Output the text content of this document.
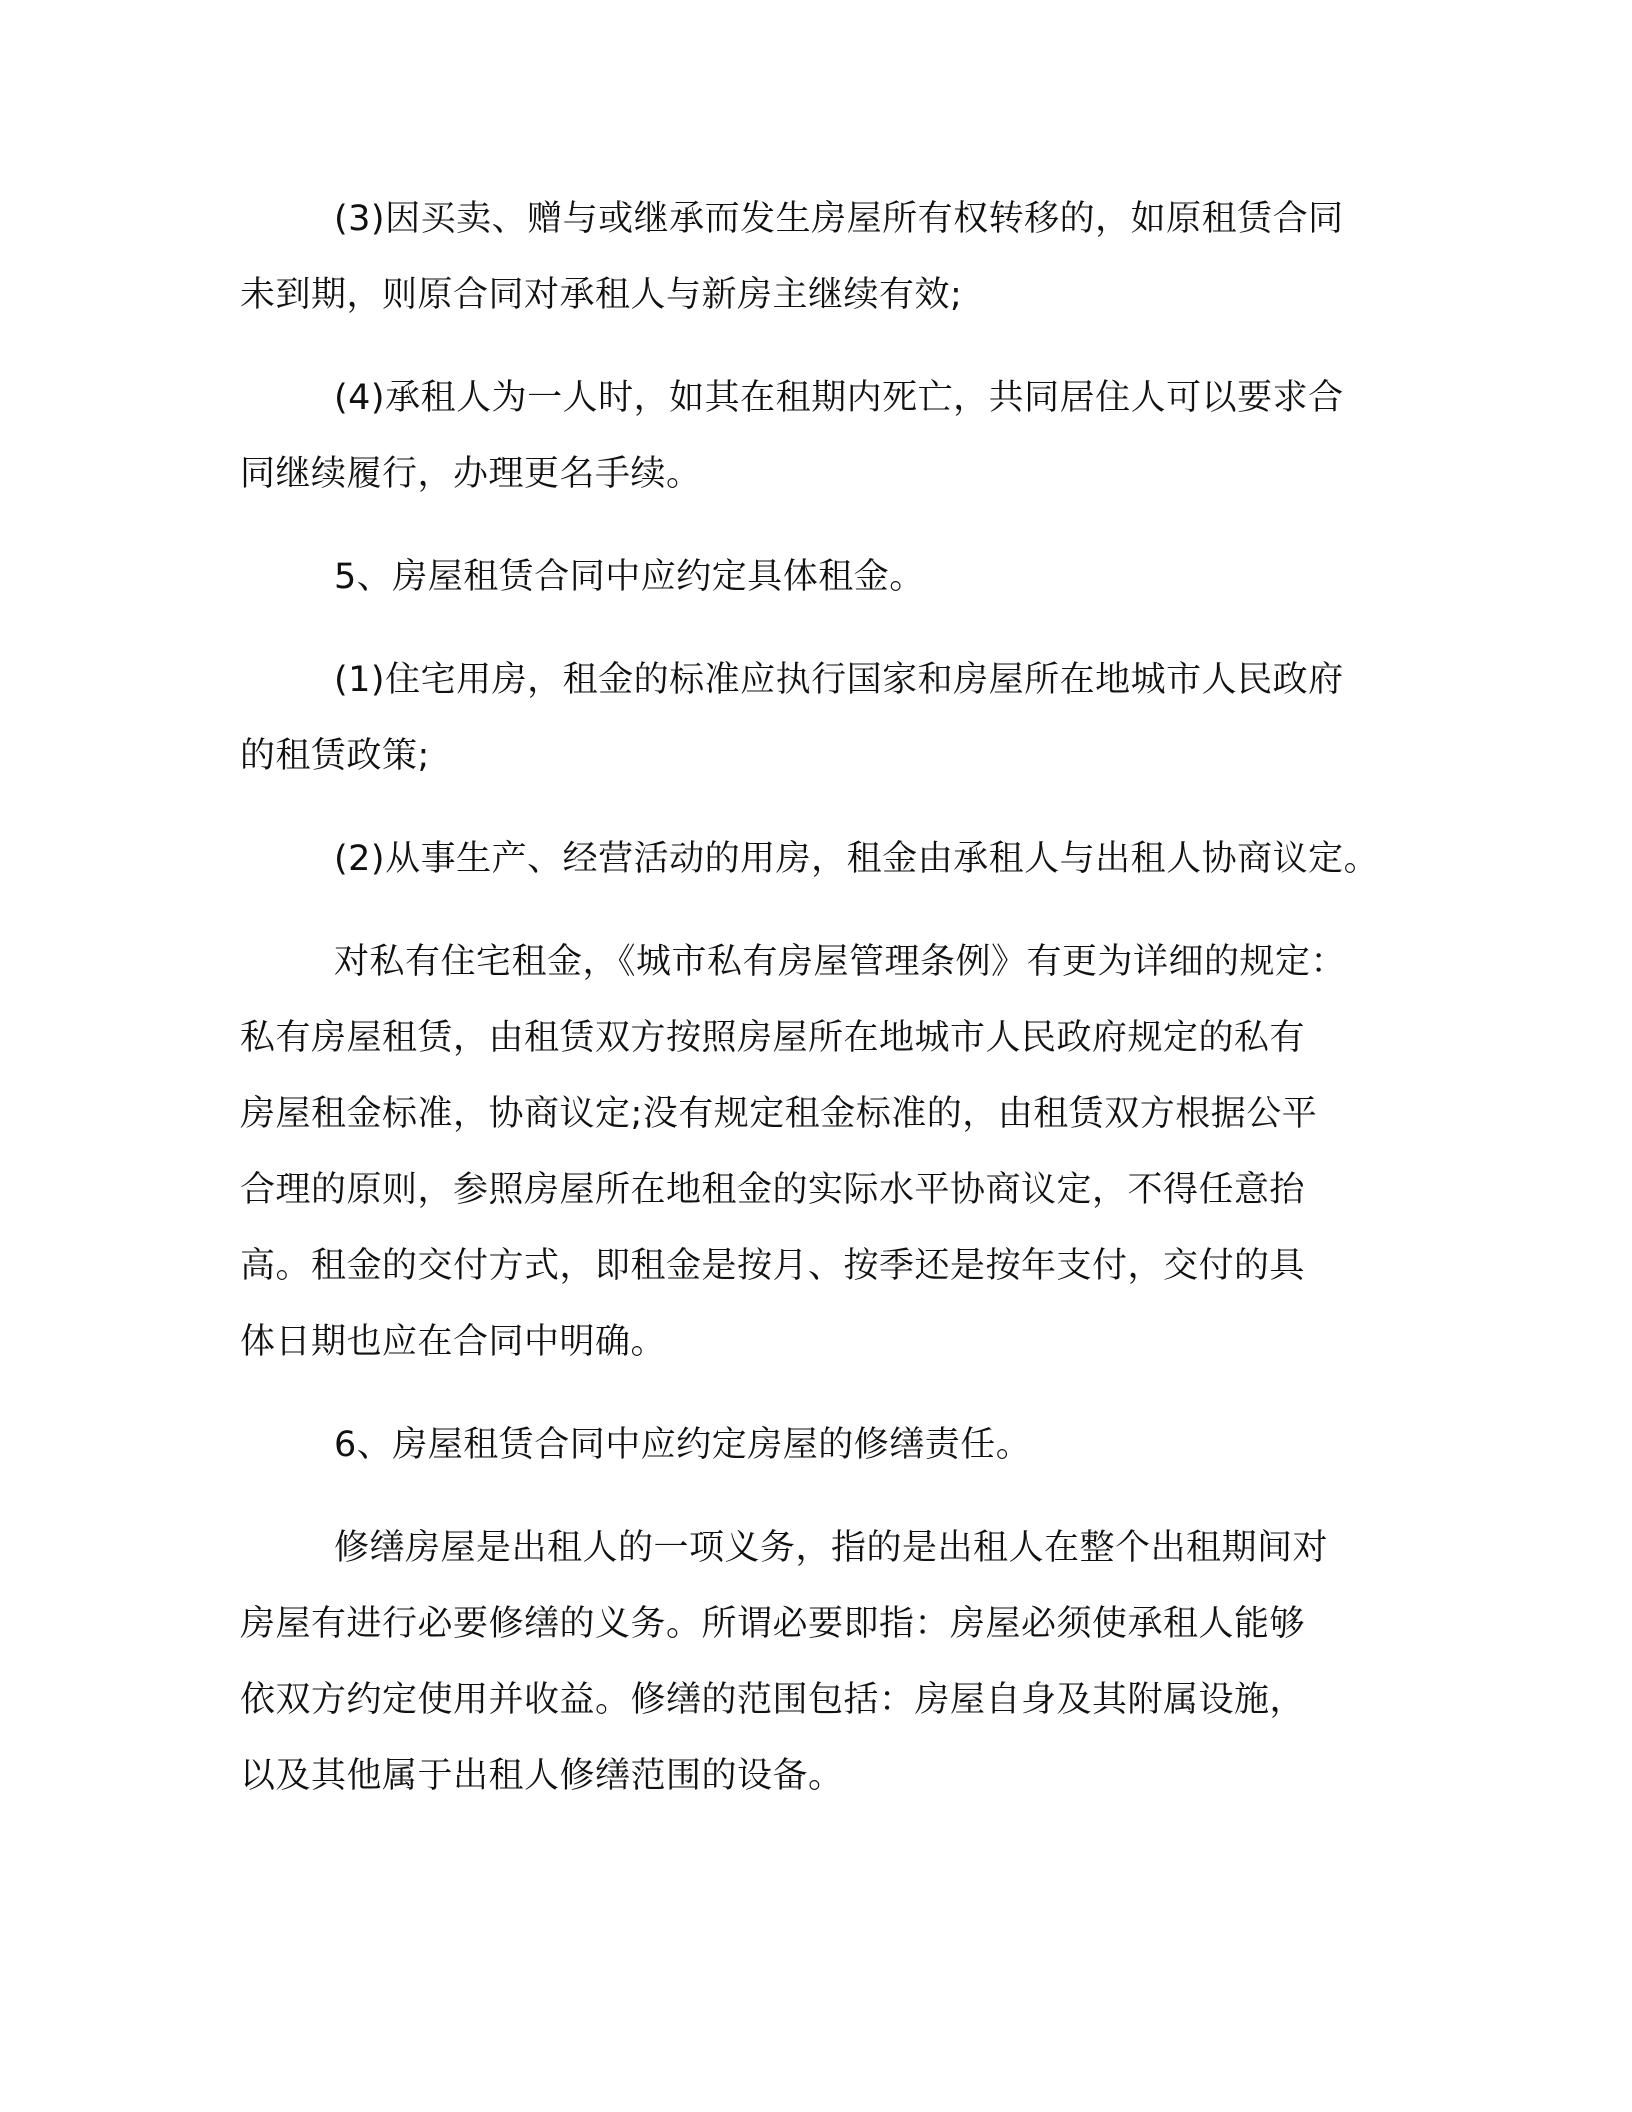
(3)因买卖、赠与或继承而发生房屋所有权转移的，如原租赁合同

未到期，则原合同对承租人与新房主继续有效;

(4)承租人为一人时，如其在租期内死亡，共同居住人可以要求合

同继续履行，办理更名手续。

5、房屋租赁合同中应约定具体租金。

(1)住宅用房，租金的标准应执行国家和房屋所在地城市人民政府

的租赁政策;

(2)从事生产、经营活动的用房，租金由承租人与出租人协商议定。

对私有住宅租金，《城市私有房屋管理条例》有更为详细的规定：

私有房屋租赁，由租赁双方按照房屋所在地城市人民政府规定的私有

房屋租金标准，协商议定;没有规定租金标准的，由租赁双方根据公平

合理的原则，参照房屋所在地租金的实际水平协商议定，不得任意抬

高。租金的交付方式，即租金是按月、按季还是按年支付，交付的具

体日期也应在合同中明确。

6、房屋租赁合同中应约定房屋的修缮责任。

修缮房屋是出租人的一项义务，指的是出租人在整个出租期间对

房屋有进行必要修缮的义务。所谓必要即指：房屋必须使承租人能够

依双方约定使用并收益。修缮的范围包括：房屋自身及其附属设施，

以及其他属于出租人修缮范围的设备。
